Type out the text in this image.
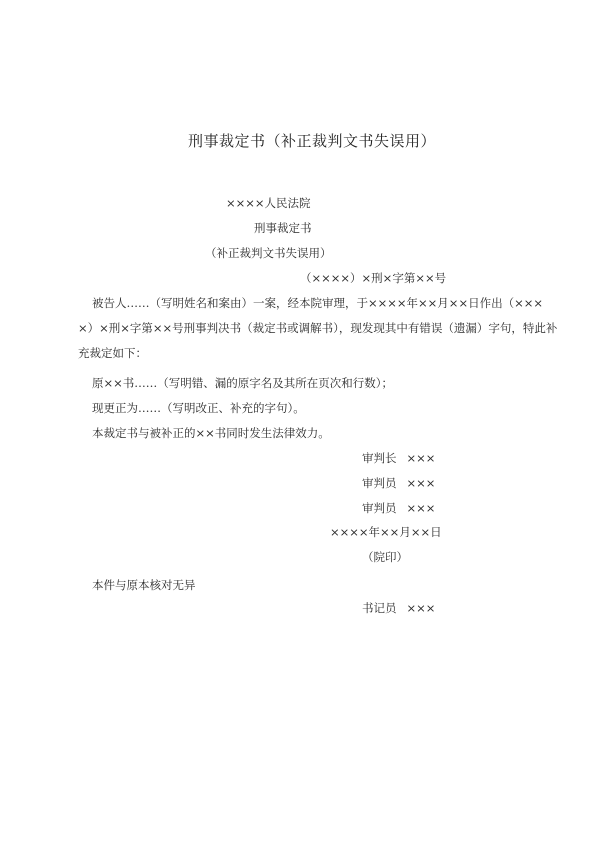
刑事裁定书（补正裁判文书失误用）
××××人民法院
刑事裁定书
（补正裁判文书失误用）
（××××）×刑×字第××号
被告人……（写明姓名和案由）一案，经本院审理，于××××年××月××日作出（×××
×）×刑×字第××号刑事判决书（裁定书或调解书），现发现其中有错误（遗漏）字句，特此补
充裁定如下：
原××书……（写明错、漏的原字名及其所在页次和行数）；
现更正为……（写明改正、补充的字句）。
本裁定书与被补正的××书同时发生法律效力。
审判长 ×××
审判员 ×××
审判员 ×××
××××年××月××日
（院印）
本件与原本核对无异
书记员 ×××
